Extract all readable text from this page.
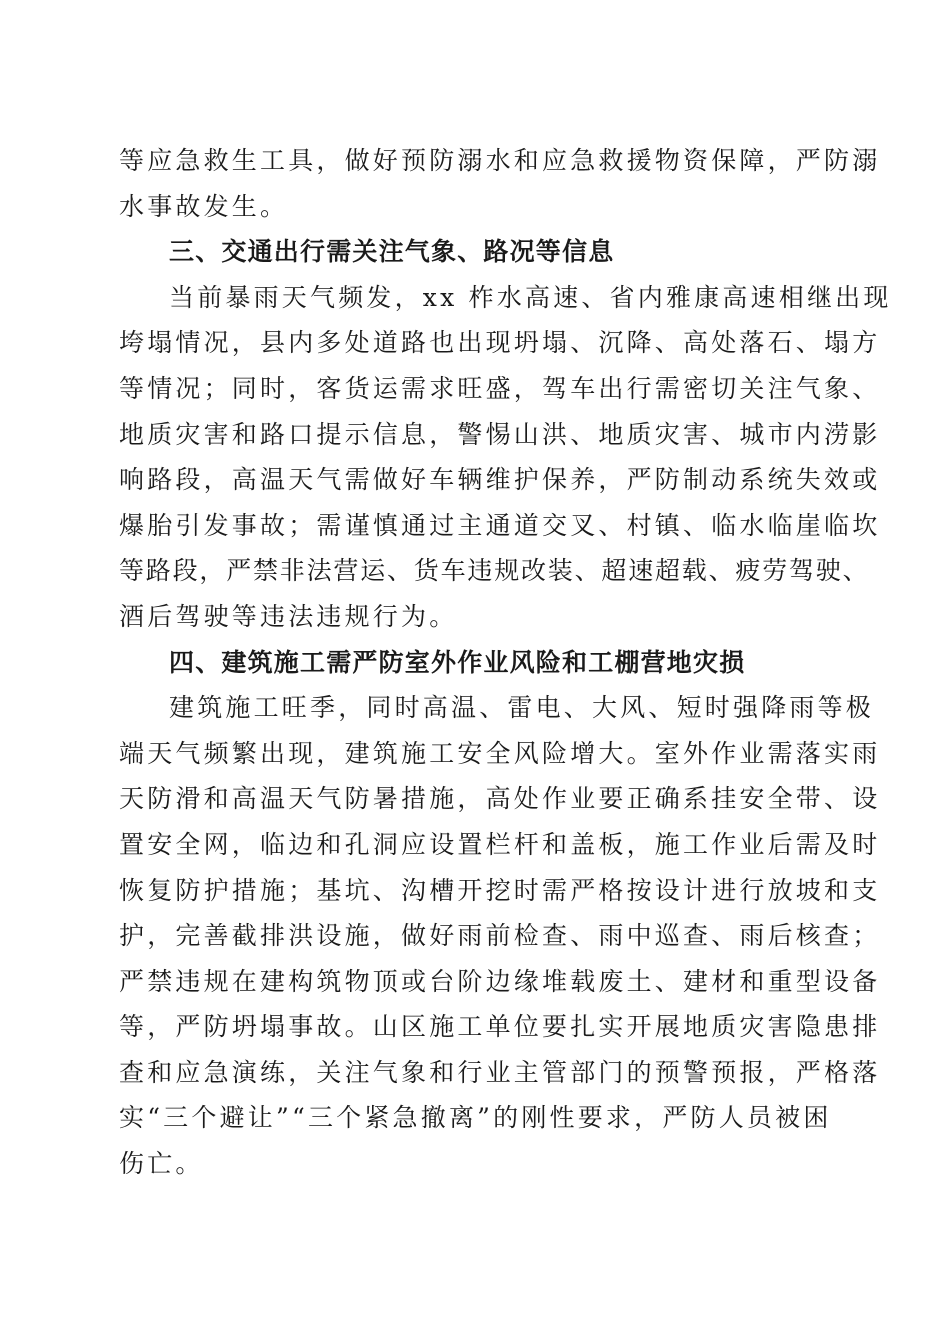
等应急救生工具，做好预防溺水和应急救援物资保障，严防溺
水事故发生。
三、交通出行需关注气象、路况等信息
当前暴雨天气频发，xx 柞水高速、省内雅康高速相继出现
垮塌情况，县内多处道路也出现坍塌、沉降、高处落石、塌方
等情况；同时，客货运需求旺盛，驾车出行需密切关注气象、
地质灾害和路口提示信息，警惕山洪、地质灾害、城市内涝影
响路段，高温天气需做好车辆维护保养，严防制动系统失效或
爆胎引发事故；需谨慎通过主通道交叉、村镇、临水临崖临坎
等路段，严禁非法营运、货车违规改装、超速超载、疲劳驾驶、
酒后驾驶等违法违规行为。
四、建筑施工需严防室外作业风险和工棚营地灾损
建筑施工旺季，同时高温、雷电、大风、短时强降雨等极
端天气频繁出现，建筑施工安全风险增大。室外作业需落实雨
天防滑和高温天气防暑措施，高处作业要正确系挂安全带、设
置安全网，临边和孔洞应设置栏杆和盖板，施工作业后需及时
恢复防护措施；基坑、沟槽开挖时需严格按设计进行放坡和支
护，完善截排洪设施，做好雨前检查、雨中巡查、雨后核查；
严禁违规在建构筑物顶或台阶边缘堆载废土、建材和重型设备
等，严防坍塌事故。山区施工单位要扎实开展地质灾害隐患排
查和应急演练，关注气象和行业主管部门的预警预报，严格落
实“三个避让”“三个紧急撤离”的刚性要求，严防人员被困
伤亡。
